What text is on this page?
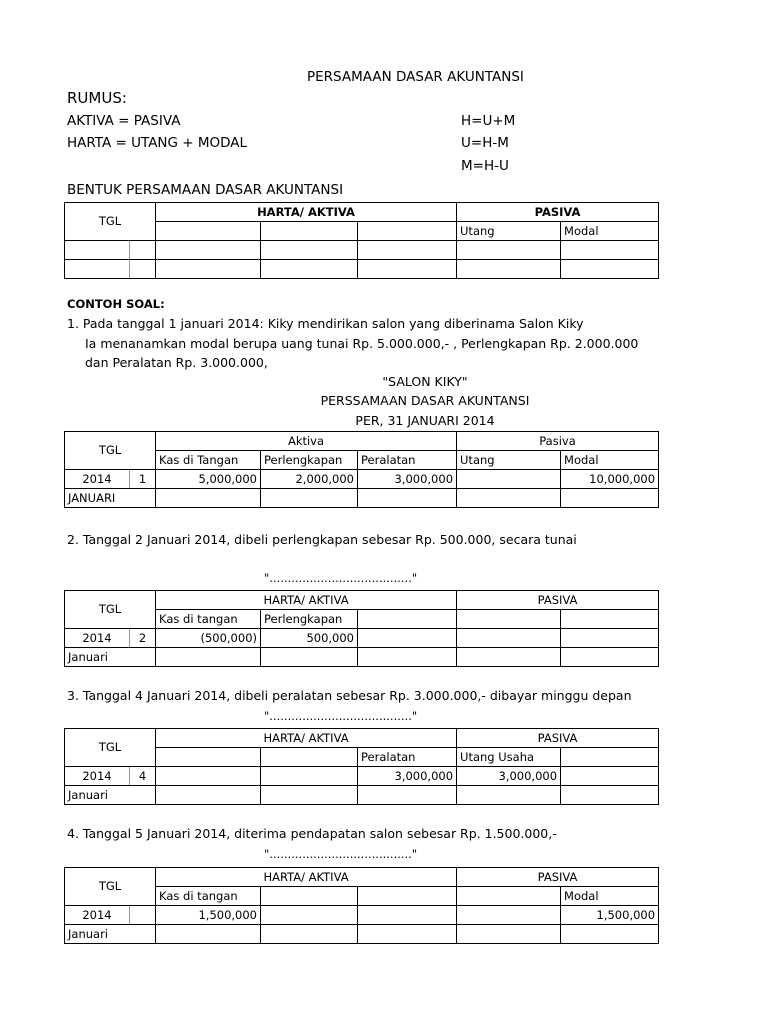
PERSAMAAN DASAR AKUNTANSI
RUMUS:
AKTIVA = PASIVA
HARTA = UTANG + MODAL
H=U+M
U=H-M
M=H-U
BENTUK PERSAMAAN DASAR AKUNTANSI
TGL		HARTA/ AKTIVA			PASIVA	
					Utang	Modal

CONTOH SOAL:
1. Pada tanggal 1 januari 2014: Kiky mendirikan salon yang diberinama Salon Kiky
Ia menanamkan modal berupa uang tunai Rp. 5.000.000,- , Perlengkapan Rp. 2.000.000
dan Peralatan Rp. 3.000.000,
"SALON KIKY"
PERSSAMAAN DASAR AKUNTANSI
PER, 31 JANUARI 2014
TGL		Aktiva			Pasiva	
		Kas di Tangan	Perlengkapan	Peralatan	Utang	Modal
2014	1	5,000,000	2,000,000	3,000,000		10,000,000
JANUARI						
2. Tanggal 2 Januari 2014, dibeli perlengkapan sebesar Rp. 500.000, secara tunai
"......................................."
TGL		HARTA/ AKTIVA			PASIVA	
		Kas di tangan	Perlengkapan			
2014	2	(500,000)	500,000			
Januari						
3. Tanggal 4 Januari 2014, dibeli peralatan sebesar Rp. 3.000.000,- dibayar minggu depan
"......................................."
TGL		HARTA/ AKTIVA			PASIVA	
				Peralatan	Utang Usaha	
2014	4			3,000,000	3,000,000	
Januari						
4. Tanggal 5 Januari 2014, diterima pendapatan salon sebesar Rp. 1.500.000,-
"......................................."
TGL		HARTA/ AKTIVA			PASIVA	
		Kas di tangan				Modal
2014		1,500,000				1,500,000
Januari						
